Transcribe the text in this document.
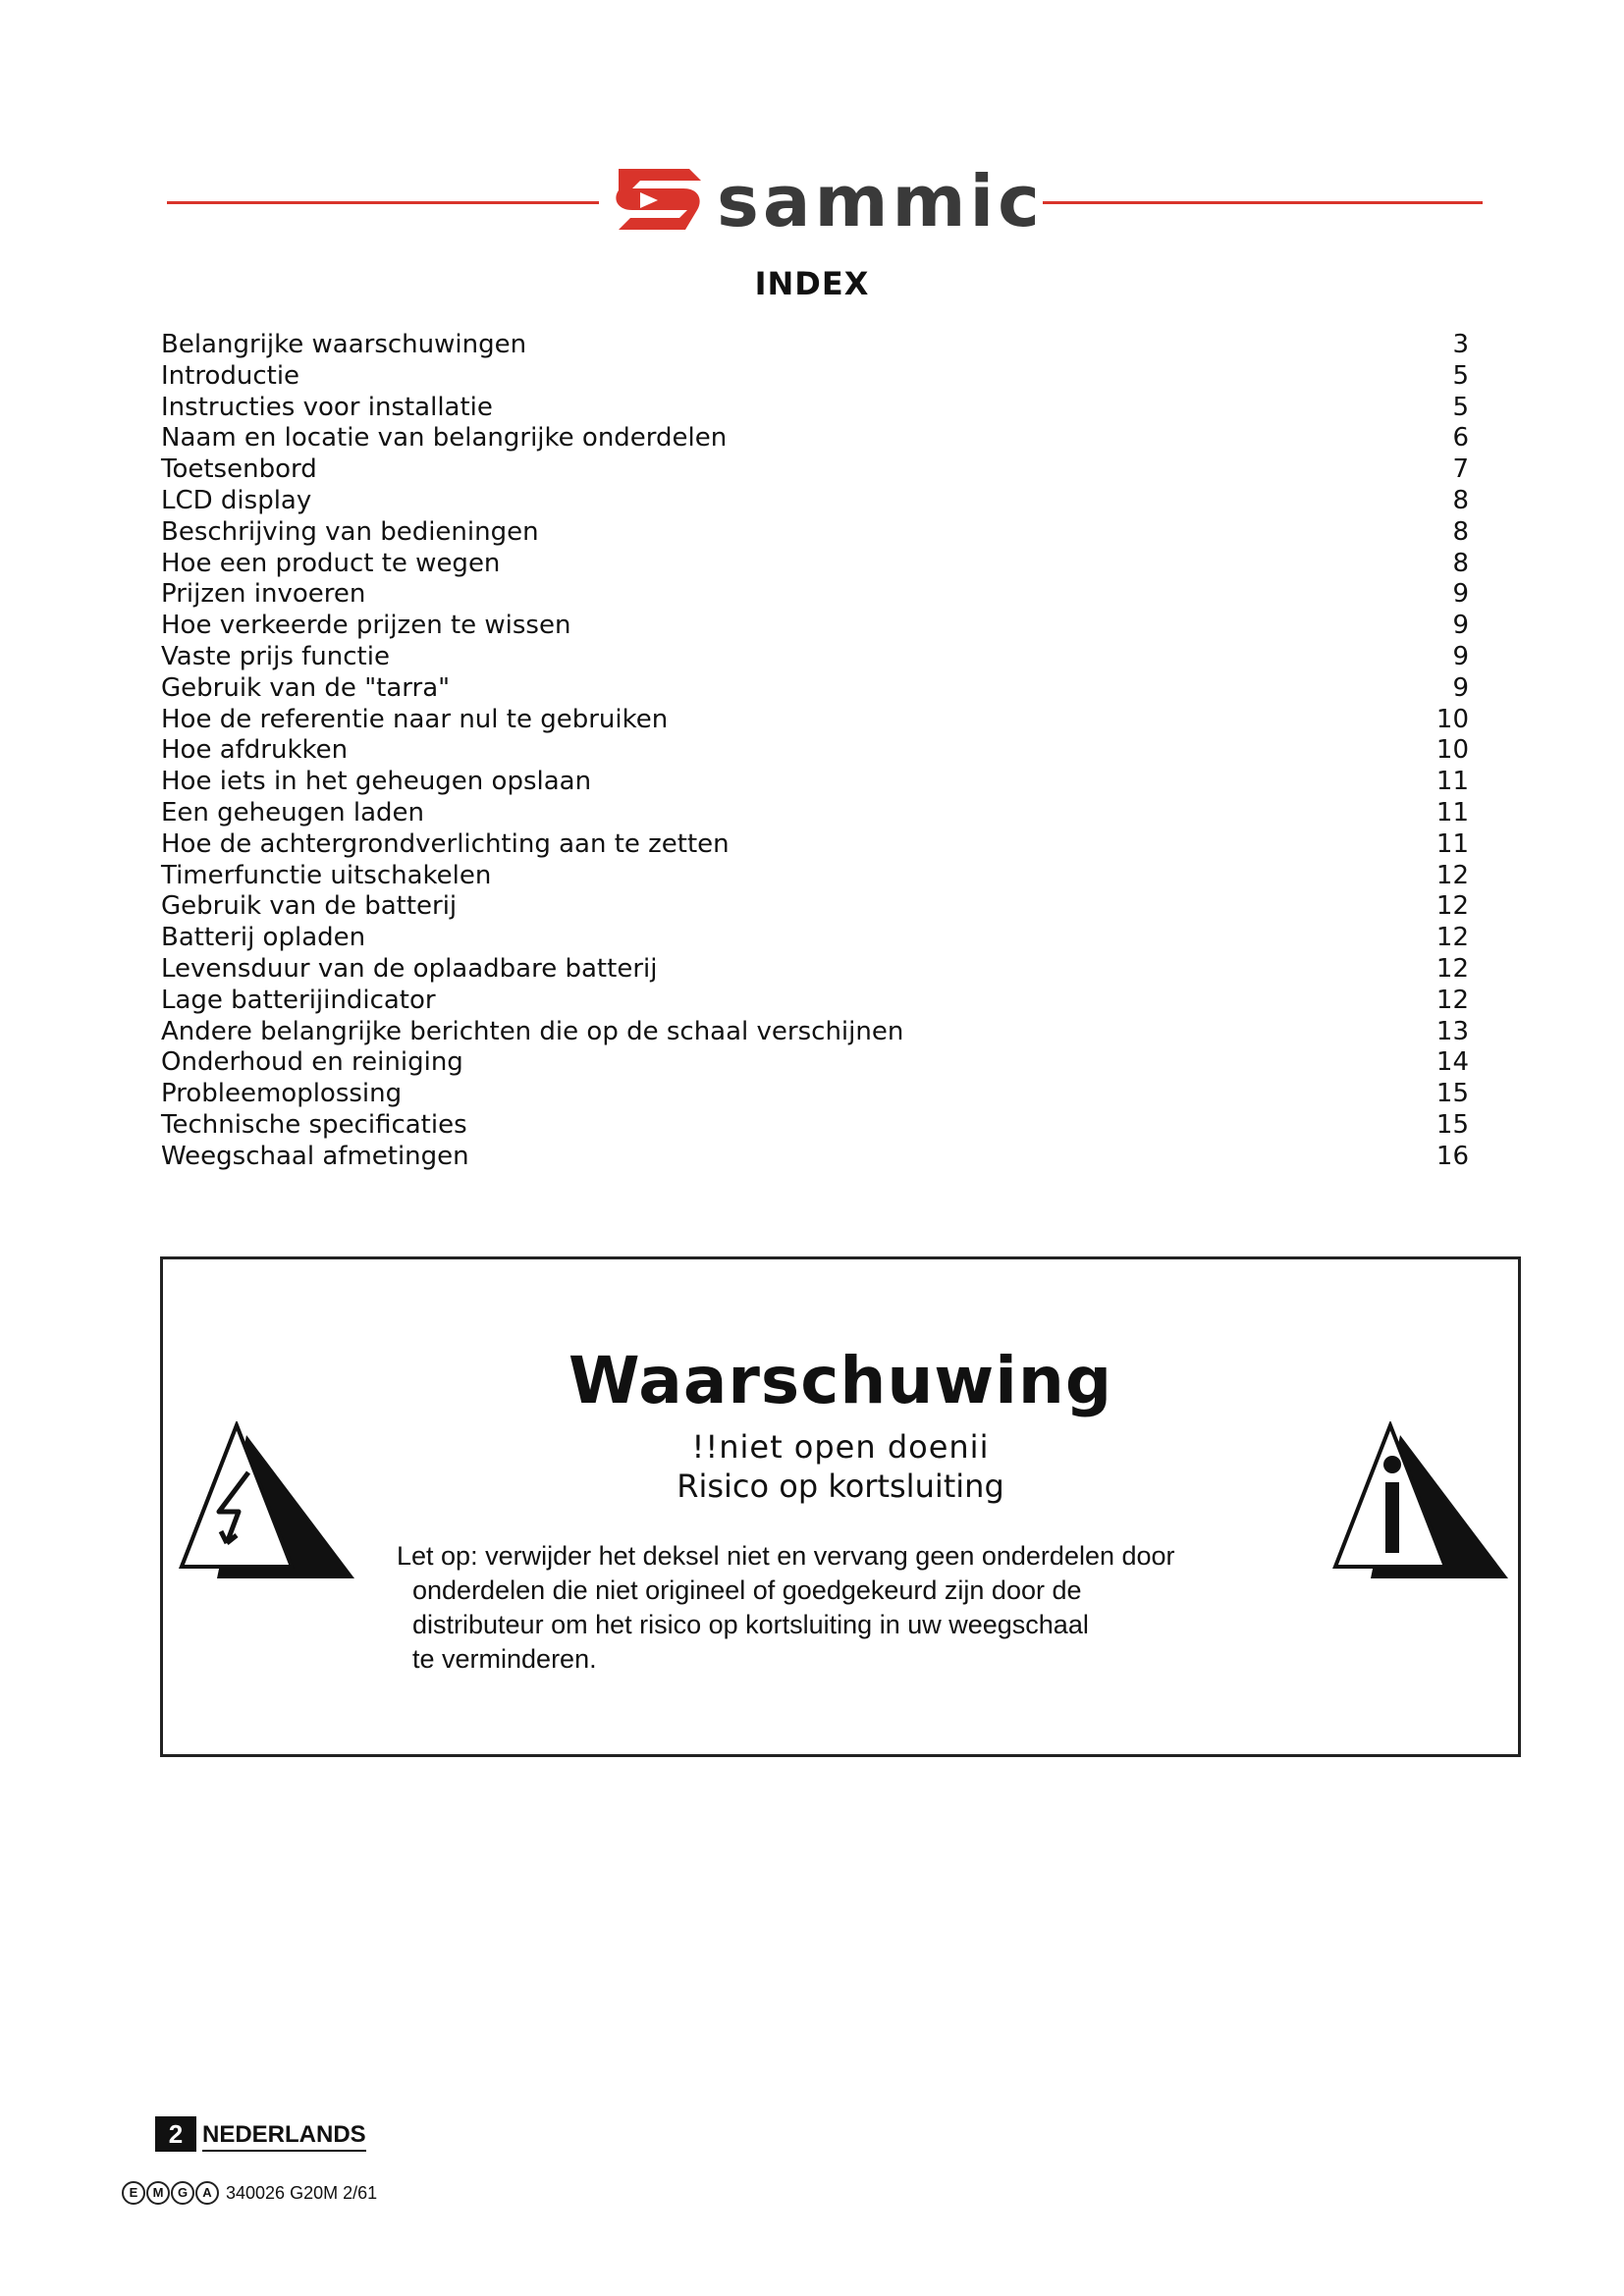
sammic
INDEX
Belangrijke waarschuwingen	3
Introductie	5
Instructies voor installatie	5
Naam en locatie van belangrijke onderdelen	6
Toetsenbord	7
LCD display	8
Beschrijving van bedieningen	8
Hoe een product te wegen	8
Prijzen invoeren	9
Hoe verkeerde prijzen te wissen	9
Vaste prijs functie	9
Gebruik van de "tarra"	9
Hoe de referentie naar nul te gebruiken	10
Hoe afdrukken	10
Hoe iets in het geheugen opslaan	11
Een geheugen laden	11
Hoe de achtergrondverlichting aan te zetten	11
Timerfunctie uitschakelen	12
Gebruik van de batterij	12
Batterij opladen	12
Levensduur van de oplaadbare batterij	12
Lage batterijindicator	12
Andere belangrijke berichten die op de schaal verschijnen	13
Onderhoud en reiniging	14
Probleemoplossing	15
Technische specificaties	15
Weegschaal afmetingen	16
Waarschuwing
!!niet open doenii
Risico op kortsluiting
Let op: verwijder het deksel niet en vervang geen onderdelen door
onderdelen die niet origineel of goedgekeurd zijn door de
distributeur om het risico op kortsluiting in uw weegschaal
te verminderen.
2 NEDERLANDS
E	M	G	A 340026 G20M 2/61
